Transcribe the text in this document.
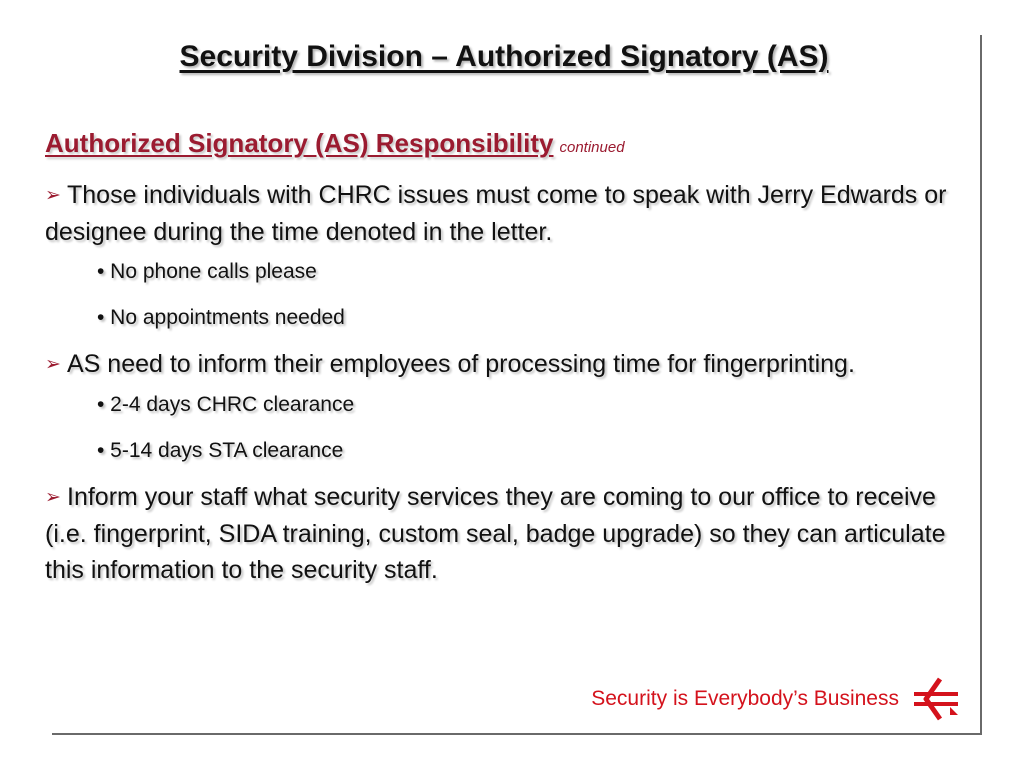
Security Division – Authorized Signatory (AS)
Authorized Signatory (AS) Responsibility continued
➢ Those individuals with CHRC issues must come to speak with Jerry Edwards or designee during the time denoted in the letter.
• No phone calls please
• No appointments needed
➢ AS need to inform their employees of processing time for fingerprinting.
• 2-4 days CHRC clearance
• 5-14 days STA clearance
➢ Inform your staff what security services they are coming to our office to receive (i.e. fingerprint, SIDA training, custom seal, badge upgrade) so they can articulate this information to the security staff.
Security is Everybody’s Business
